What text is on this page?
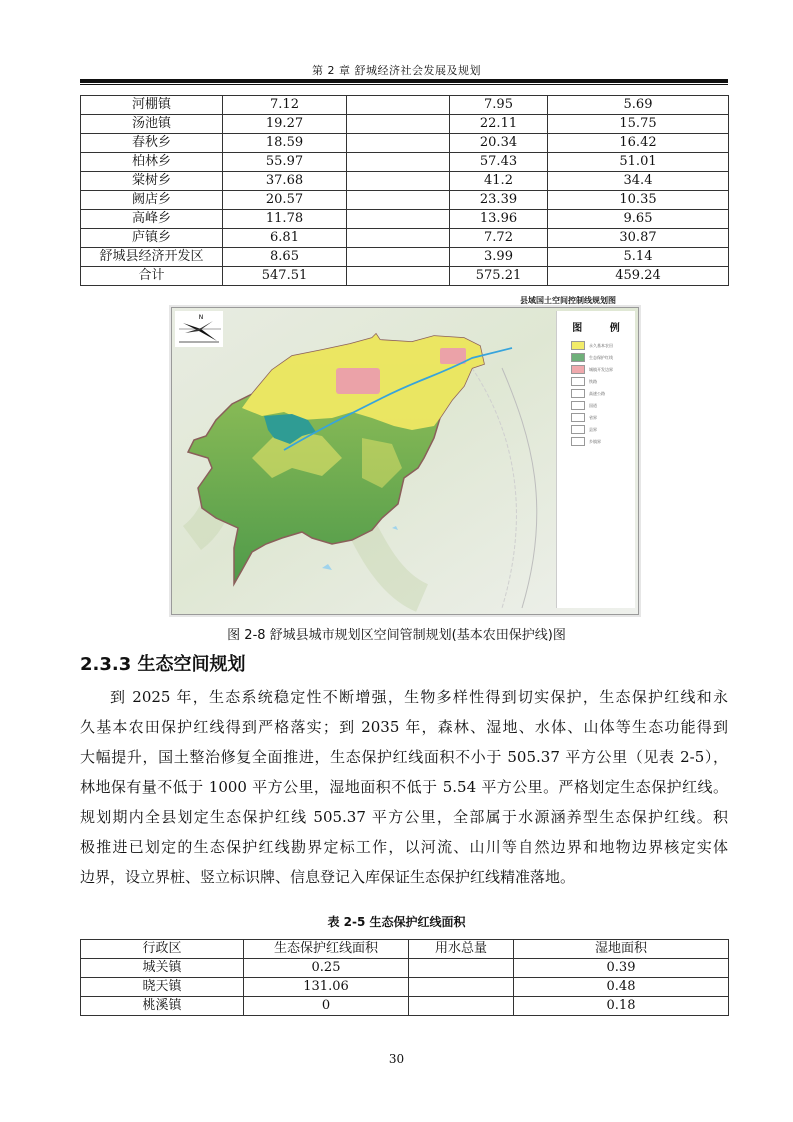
第 2 章 舒城经济社会发展及规划
河棚镇	7.12		7.95	5.69
汤池镇	19.27		22.11	15.75
春秋乡	18.59		20.34	16.42
柏林乡	55.97		57.43	51.01
棠树乡	37.68		41.2	34.4
阙店乡	20.57		23.39	10.35
高峰乡	11.78		13.96	9.65
庐镇乡	6.81		7.72	30.87
舒城县经济开发区	8.65		3.99	5.14
合计	547.51		575.21	459.24
县域国土空间控制线规划图
N
图 例
永久基本农田
生态保护红线
城镇开发边界
铁路
高速公路
国道
省界
县界
乡镇界
图 2-8 舒城县城市规划区空间管制规划(基本农田保护线)图
2.3.3 生态空间规划
到 2025 年，生态系统稳定性不断增强，生物多样性得到切实保护，生态保护红线和永
久基本农田保护红线得到严格落实；到 2035 年，森林、湿地、水体、山体等生态功能得到
大幅提升，国土整治修复全面推进，生态保护红线面积不小于 505.37 平方公里（见表 2-5），
林地保有量不低于 1000 平方公里，湿地面积不低于 5.54 平方公里。严格划定生态保护红线。
规划期内全县划定生态保护红线 505.37 平方公里，全部属于水源涵养型生态保护红线。积
极推进已划定的生态保护红线勘界定标工作，以河流、山川等自然边界和地物边界核定实体
边界，设立界桩、竖立标识牌、信息登记入库保证生态保护红线精准落地。
表 2-5 生态保护红线面积
行政区	生态保护红线面积	用水总量	湿地面积
城关镇	0.25		0.39
晓天镇	131.06		0.48
桃溪镇	0		0.18
30
